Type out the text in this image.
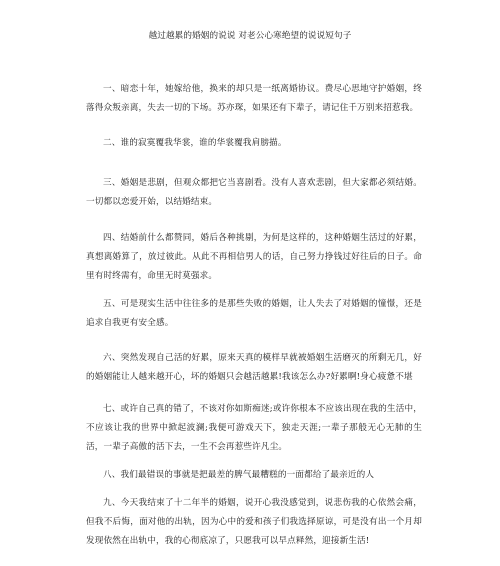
越过越累的婚姻的说说 对老公心寒绝望的说说短句子

一、暗恋十年，她嫁给他，换来的却只是一纸离婚协议。费尽心思地守护婚姻，终落得众叛亲离，失去一切的下场。苏亦琛，如果还有下辈子，请记住千万别来招惹我。

二、谁的寂寞覆我华裳，谁的华裳覆我肩膀描。

三、婚姻是悲剧，但观众都把它当喜剧看。没有人喜欢悲剧，但大家都必须结婚。一切都以恋爱开始，以结婚结束。

四、结婚前什么都赞同，婚后各种挑剔，为何是这样的，这种婚姻生活过的好累，真想离婚算了，放过彼此。从此不再相信男人的话，自己努力挣钱过好往后的日子。命里有时终需有，命里无时莫强求。

五、可是现实生活中往往多的是那些失败的婚姻，让人失去了对婚姻的憧憬，还是追求自我更有安全感。

六、突然发现自己活的好累，原来天真的模样早就被婚姻生活磨灭的所剩无几，好的婚姻能让人越来越开心，坏的婚姻只会越活越累!我该怎么办?好累啊!身心疲惫不堪

七、或许自己真的错了，不该对你如斯痴迷;或许你根本不应该出现在我的生活中，不应该让我的世界中掀起波澜;我便可游戏天下，独走天涯;一辈子那般无心无肺的生活，一辈子高傲的活下去，一生不会再惹些许凡尘。

八、我们最错误的事就是把最差的脾气最糟糕的一面都给了最亲近的人

九、今天我结束了十二年半的婚姻，说开心我没感觉到，说悲伤我的心依然会痛，但我不后悔，面对他的出轨，因为心中的爱和孩子们我选择原谅，可是没有出一个月却发现依然在出轨中，我的心彻底凉了，只愿我可以早点释然，迎接新生活!
